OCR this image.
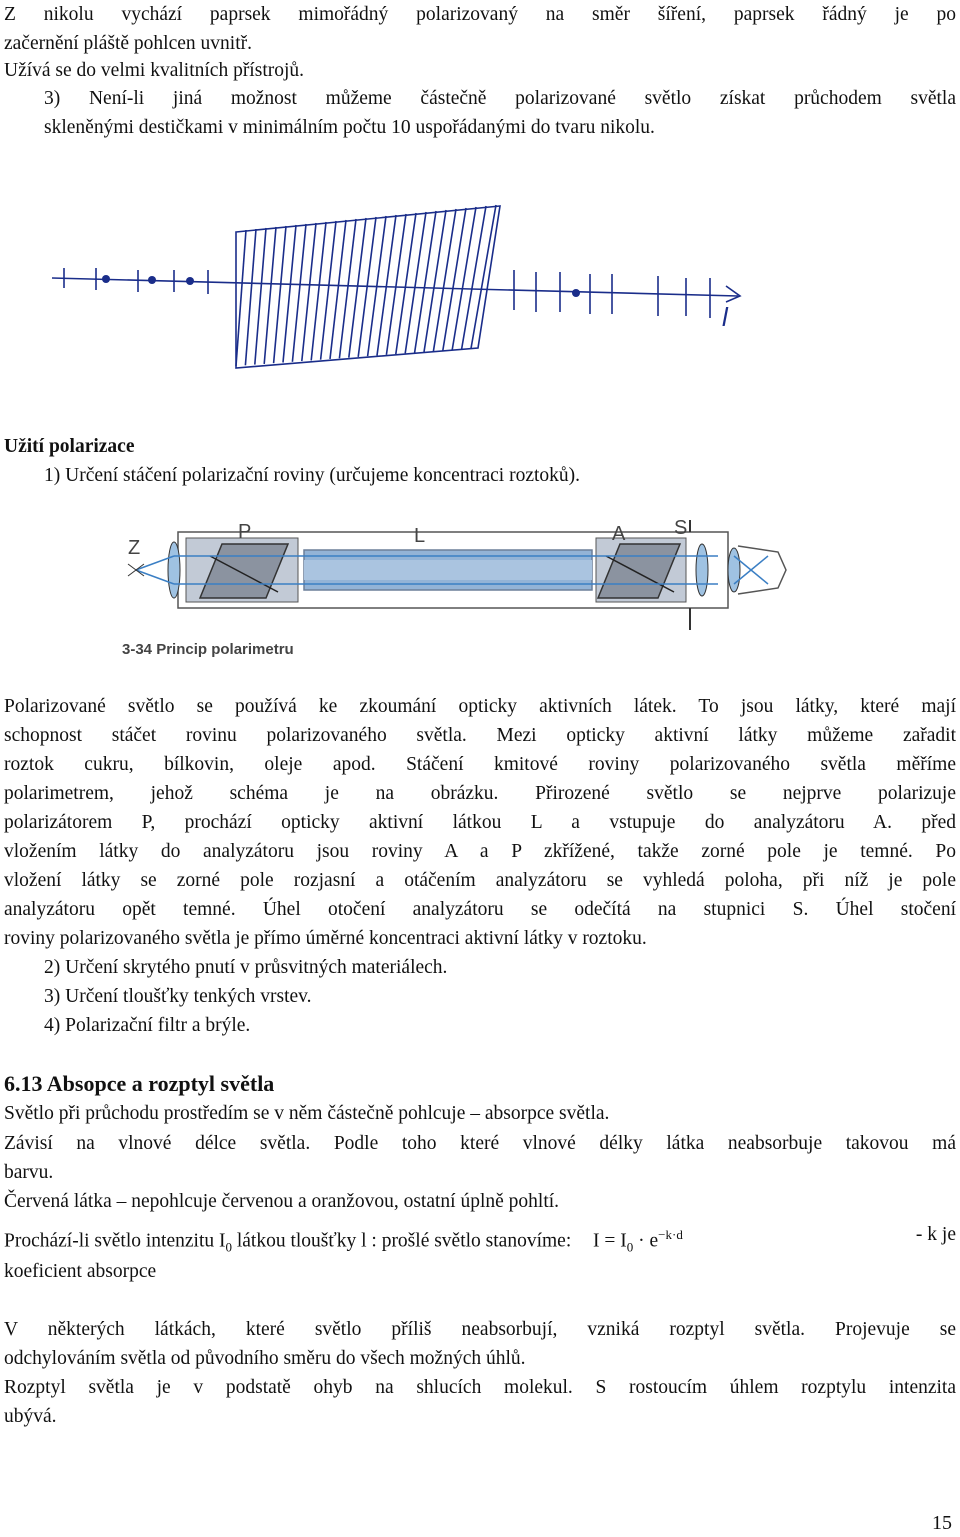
Z nikolu vychází paprsek mimořádný polarizovaný na směr šíření, paprsek řádný je po

začernění pláště pohlcen uvnitř.

Užívá se do velmi kvalitních přístrojů.

3) Není-li jiná možnost můžeme částečně polarizované světlo získat průchodem světla

skleněnými destičkami v minimálním počtu 10 uspořádanými do tvaru nikolu.

l

Užití polarizace

1) Určení stáčení polarizační roviny (určujeme koncentraci roztoků).

Z
P	L	A S
3-34 Princip polarimetru

Polarizované světlo se používá ke zkoumání opticky aktivních látek. To jsou látky, které mají

schopnost stáčet rovinu polarizovaného světla. Mezi opticky aktivní látky můžeme zařadit

roztok cukru, bílkovin, oleje apod. Stáčení kmitové roviny polarizovaného světla měříme

polarimetrem, jehož schéma je na obrázku. Přirozené světlo se nejprve polarizuje

polarizátorem P, prochází opticky aktivní látkou L a vstupuje do analyzátoru A. před

vložením látky do analyzátoru jsou roviny A a P zkřížené, takže zorné pole je temné. Po

vložení látky se zorné pole rozjasní a otáčením analyzátoru se vyhledá poloha, při níž je pole

analyzátoru opět temné. Úhel otočení analyzátoru se odečítá na stupnici S. Úhel stočení

roviny polarizovaného světla je přímo úměrné koncentraci aktivní látky v roztoku.

2) Určení skrytého pnutí v průsvitných materiálech.

3) Určení tloušťky tenkých vrstev.

4) Polarizační filtr a brýle.

6.13 Absopce a rozptyl světla

Světlo při průchodu prostředím se v něm částečně pohlcuje – absorpce světla.

Závisí na vlnové délce světla. Podle toho které vlnové délky látka neabsorbuje takovou má

barvu.

Červená látka – nepohlcuje červenou a oranžovou, ostatní úplně pohltí.

Prochází-li světlo intenzitu $I_0$ látkou tloušťky l : prošlé světlo stanovíme: $I = I_0 \cdot e^{-k\cdot d}$	- k je

koeficient absorpce

V některých látkách, které světlo příliš neabsorbují, vzniká rozptyl světla. Projevuje se

odchylováním světla od původního směru do všech možných úhlů.

Rozptyl světla je v podstatě ohyb na shlucích molekul. S rostoucím úhlem rozptylu intenzita

ubývá.

15
